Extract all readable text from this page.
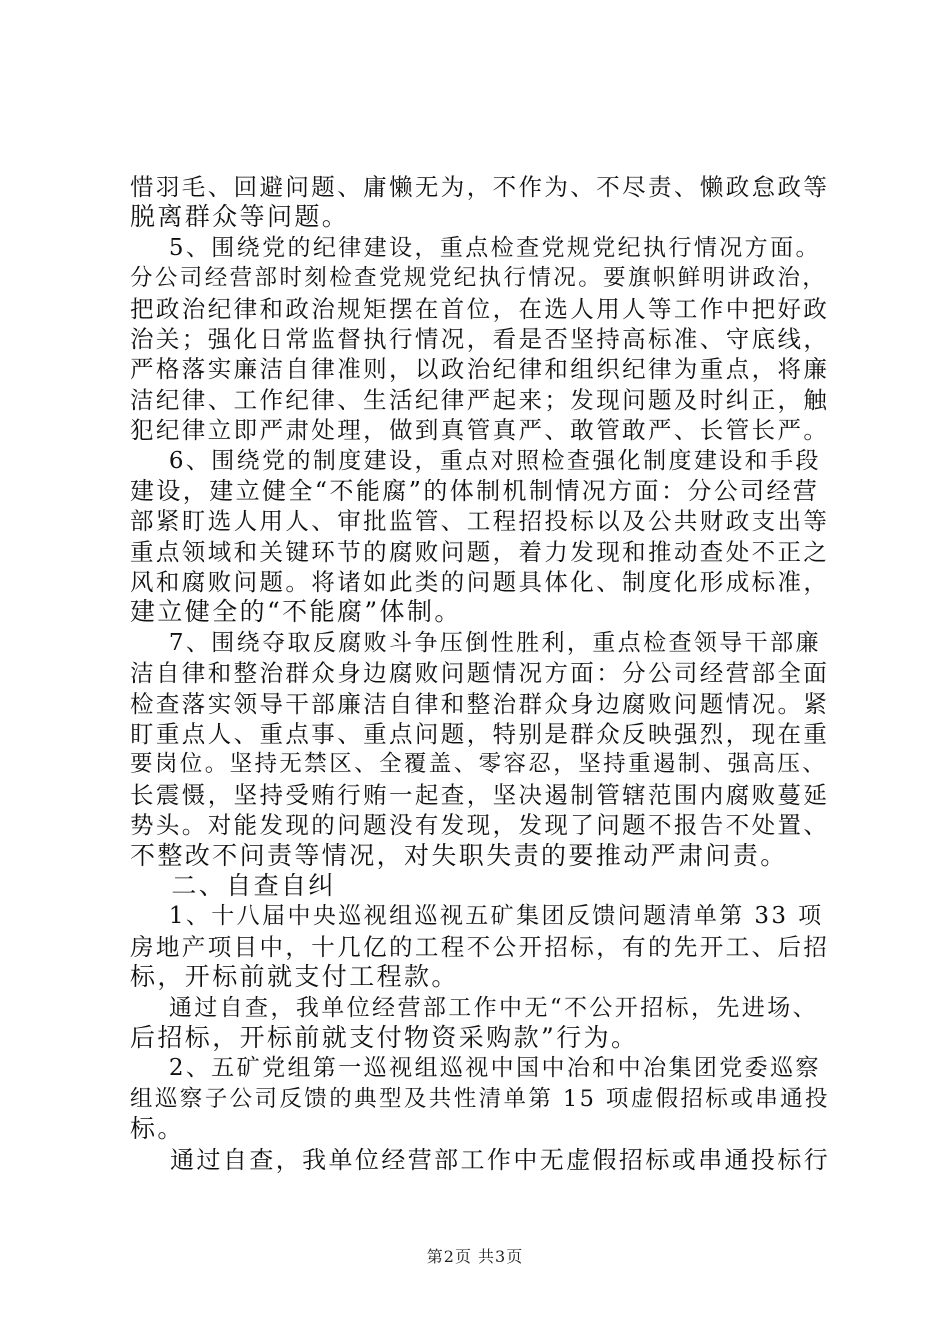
惜羽毛、回避问题、庸懒无为，不作为、不尽责、懒政怠政等
脱离群众等问题。
5、围绕党的纪律建设，重点检查党规党纪执行情况方面。
分公司经营部时刻检查党规党纪执行情况。要旗帜鲜明讲政治，
把政治纪律和政治规矩摆在首位，在选人用人等工作中把好政
治关；强化日常监督执行情况，看是否坚持高标准、守底线，
严格落实廉洁自律准则，以政治纪律和组织纪律为重点，将廉
洁纪律、工作纪律、生活纪律严起来；发现问题及时纠正，触
犯纪律立即严肃处理，做到真管真严、敢管敢严、长管长严。
6、围绕党的制度建设，重点对照检查强化制度建设和手段
建设，建立健全“不能腐”的体制机制情况方面：分公司经营
部紧盯选人用人、审批监管、工程招投标以及公共财政支出等
重点领域和关键环节的腐败问题，着力发现和推动查处不正之
风和腐败问题。将诸如此类的问题具体化、制度化形成标准，
建立健全的“不能腐”体制。
7、围绕夺取反腐败斗争压倒性胜利，重点检查领导干部廉
洁自律和整治群众身边腐败问题情况方面：分公司经营部全面
检查落实领导干部廉洁自律和整治群众身边腐败问题情况。紧
盯重点人、重点事、重点问题，特别是群众反映强烈，现在重
要岗位。坚持无禁区、全覆盖、零容忍，坚持重遏制、强高压、
长震慑，坚持受贿行贿一起查，坚决遏制管辖范围内腐败蔓延
势头。对能发现的问题没有发现，发现了问题不报告不处置、
不整改不问责等情况，对失职失责的要推动严肃问责。
二、自查自纠
1、十八届中央巡视组巡视五矿集团反馈问题清单第 33 项
房地产项目中，十几亿的工程不公开招标，有的先开工、后招
标，开标前就支付工程款。
通过自查，我单位经营部工作中无“不公开招标，先进场、
后招标，开标前就支付物资采购款”行为。
2、五矿党组第一巡视组巡视中国中冶和中冶集团党委巡察
组巡察子公司反馈的典型及共性清单第 15 项虚假招标或串通投
标。
通过自查，我单位经营部工作中无虚假招标或串通投标行
第2页 共3页
